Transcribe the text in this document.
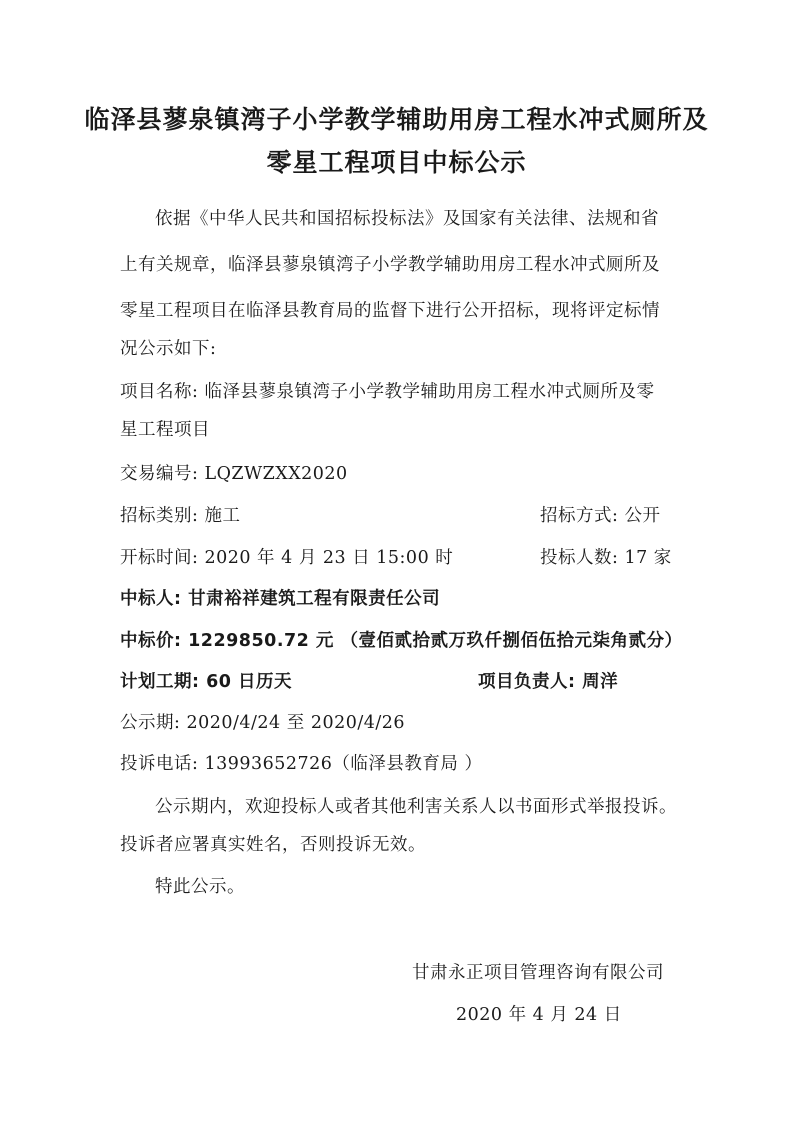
临泽县蓼泉镇湾子小学教学辅助用房工程水冲式厕所及
零星工程项目中标公示
依据《中华人民共和国招标投标法》及国家有关法律、法规和省
上有关规章，临泽县蓼泉镇湾子小学教学辅助用房工程水冲式厕所及
零星工程项目在临泽县教育局的监督下进行公开招标，现将评定标情
况公示如下:
项目名称: 临泽县蓼泉镇湾子小学教学辅助用房工程水冲式厕所及零
星工程项目
交易编号: LQZWZXX2020
招标类别: 施工	招标方式: 公开
开标时间: 2020 年 4 月 23 日 15:00 时	投标人数: 17 家
中标人: 甘肃裕祥建筑工程有限责任公司
中标价: 1229850.72 元 （壹佰贰拾贰万玖仟捌佰伍拾元柒角贰分）
计划工期: 60 日历天	项目负责人: 周洋
公示期: 2020/4/24 至 2020/4/26
投诉电话: 13993652726（临泽县教育局 ）
公示期内，欢迎投标人或者其他利害关系人以书面形式举报投诉。
投诉者应署真实姓名，否则投诉无效。
特此公示。
甘肃永正项目管理咨询有限公司
2020 年 4 月 24 日
